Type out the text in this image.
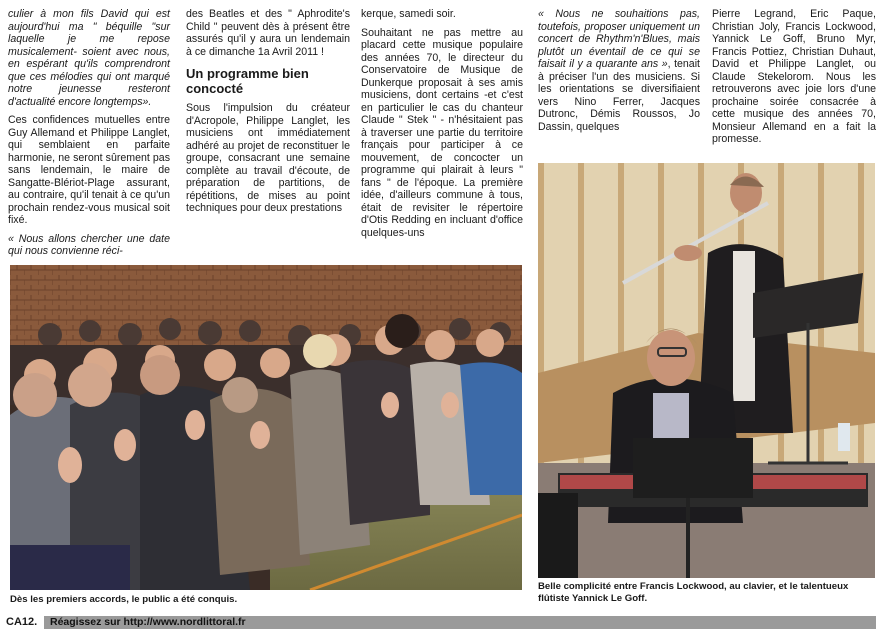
culier à mon fils David qui est aujourd'hui ma " béquille "sur laquelle je me repose musicalement- soient avec nous, en espérant qu'ils comprendront que ces mélodies qui ont marqué notre jeunesse resteront d'actualité encore longtemps».

Ces confidences mutuelles entre Guy Allemand et Philippe Langlet, qui semblaient en parfaite harmonie, ne seront sûrement pas sans lendemain, le maire de Sangatte-Blériot-Plage assurant, au contraire, qu'il tenait à ce qu'un prochain rendez-vous musical soit fixé.

« Nous allons chercher une date qui nous convienne réci-

des Beatles et des " Aphrodite's Child " peuvent dès à présent être assurés qu'il y aura un lendemain à ce dimanche 1a Avril 2011 !

Un programme bien concocté

Sous l'impulsion du créateur d'Acropole, Philippe Langlet, les musiciens ont immédiatement adhéré au projet de reconstituer le groupe, consacrant une semaine complète au travail d'écoute, de préparation de partitions, de répétitions, de mises au point techniques pour deux prestations

kerque, samedi soir.

Souhaitant ne pas mettre au placard cette musique populaire des années 70, le directeur du Conservatoire de Musique de Dunkerque proposait à ses amis musiciens, dont certains -et c'est en particulier le cas du chanteur Claude " Stek " - n'hésitaient pas à traverser une partie du territoire français pour participer à ce mouvement, de concocter un programme qui plairait à leurs " fans " de l'époque. La première idée, d'ailleurs commune à tous, était de revisiter le répertoire d'Otis Redding en incluant d'office quelques-uns

« Nous ne souhaitions pas, toutefois, proposer uniquement un concert de Rhythm'n'Blues, mais plutôt un éventail de ce qui se faisait il y a quarante ans », tenait à préciser l'un des musiciens. Si les orientations se diversifiaient vers Nino Ferrer, Jacques Dutronc, Démis Roussos, Jo Dassin, quelques

Pierre Legrand, Eric Paque, Christian Joly, Francis Lockwood, Yannick Le Goff, Bruno Myr, Francis Pottiez, Christian Duhaut, David et Philippe Langlet, ou Claude Stekelorom. Nous les retrouverons avec joie lors d'une prochaine soirée consacrée à cette musique des années 70, Monsieur Allemand en a fait la promesse.

Dès les premiers accords, le public a été conquis.
Belle complicité entre Francis Lockwood, au clavier, et le talentueux flûtiste Yannick Le Goff.
CA12.	Réagissez sur http://www.nordlittoral.fr
